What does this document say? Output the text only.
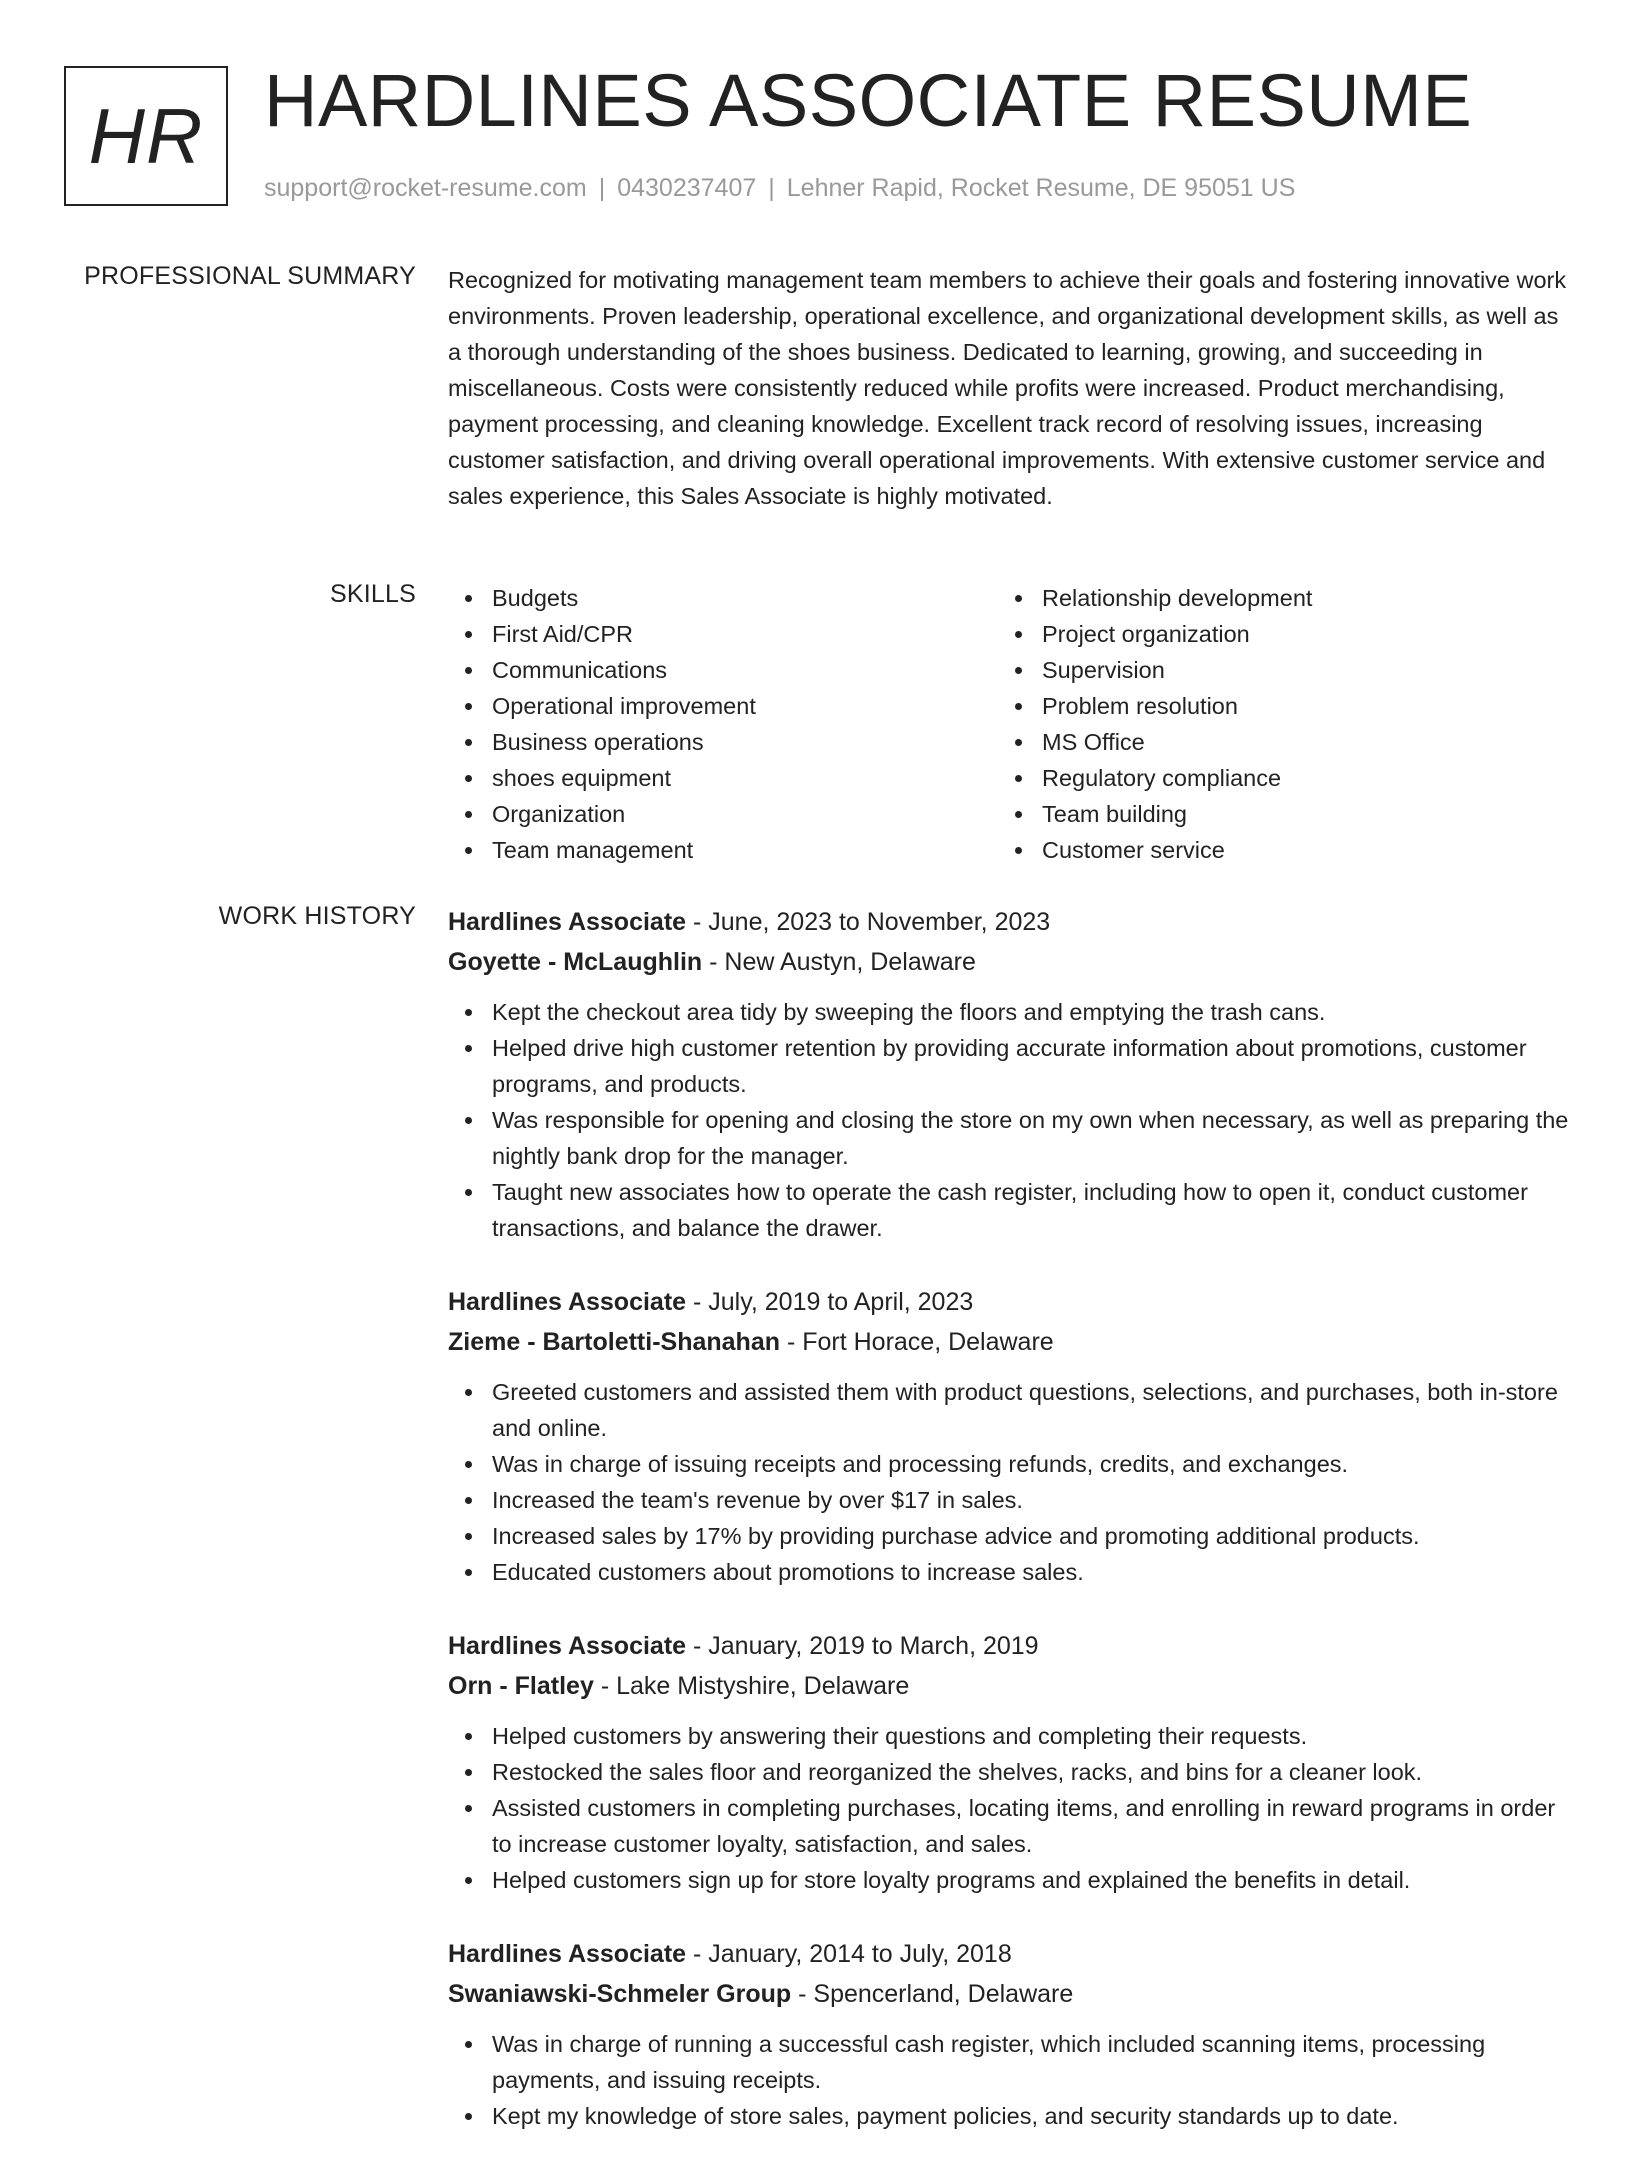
HR HARDLINES ASSOCIATE RESUME
support@rocket-resume.com | 0430237407 | Lehner Rapid, Rocket Resume, DE 95051 US
PROFESSIONAL SUMMARY Recognized for motivating management team members to achieve their goals and fostering innovative work environments. Proven leadership, operational excellence, and organizational development skills, as well as a thorough understanding of the shoes business. Dedicated to learning, growing, and succeeding in miscellaneous. Costs were consistently reduced while profits were increased. Product merchandising, payment processing, and cleaning knowledge. Excellent track record of resolving issues, increasing customer satisfaction, and driving overall operational improvements. With extensive customer service and sales experience, this Sales Associate is highly motivated.

SKILLS	Budgets
First Aid/CPR
Communications
Operational improvement
Business operations
shoes equipment
Organization
Team management
Relationship development
Project organization
Supervision
Problem resolution
MS Office
Regulatory compliance
Team building
Customer service
WORK HISTORY Hardlines Associate - June, 2023 to November, 2023
Goyette - McLaughlin - New Austyn, Delaware
Kept the checkout area tidy by sweeping the floors and emptying the trash cans.
Helped drive high customer retention by providing accurate information about promotions, customer programs, and products.
Was responsible for opening and closing the store on my own when necessary, as well as preparing the nightly bank drop for the manager.
Taught new associates how to operate the cash register, including how to open it, conduct customer transactions, and balance the drawer.
Hardlines Associate - July, 2019 to April, 2023
Zieme - Bartoletti-Shanahan - Fort Horace, Delaware
Greeted customers and assisted them with product questions, selections, and purchases, both in-store and online.
Was in charge of issuing receipts and processing refunds, credits, and exchanges.
Increased the team's revenue by over $17 in sales.
Increased sales by 17% by providing purchase advice and promoting additional products.
Educated customers about promotions to increase sales.
Hardlines Associate - January, 2019 to March, 2019
Orn - Flatley - Lake Mistyshire, Delaware
Helped customers by answering their questions and completing their requests.
Restocked the sales floor and reorganized the shelves, racks, and bins for a cleaner look.
Assisted customers in completing purchases, locating items, and enrolling in reward programs in order to increase customer loyalty, satisfaction, and sales.
Helped customers sign up for store loyalty programs and explained the benefits in detail.
Hardlines Associate - January, 2014 to July, 2018
Swaniawski-Schmeler Group - Spencerland, Delaware
Was in charge of running a successful cash register, which included scanning items, processing payments, and issuing receipts.
Kept my knowledge of store sales, payment policies, and security standards up to date.
